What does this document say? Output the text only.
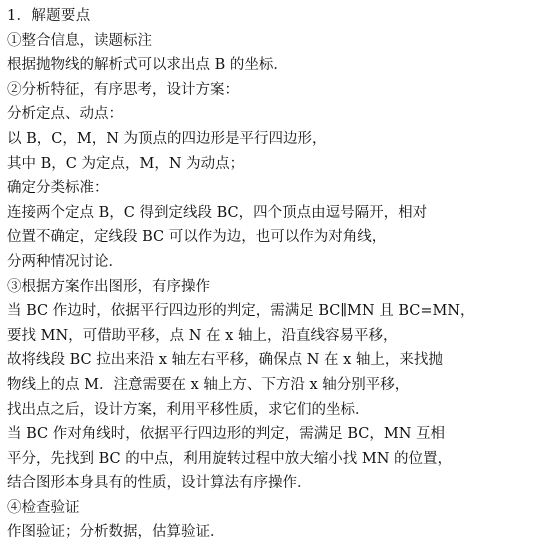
1．解题要点
①整合信息，读题标注
根据抛物线的解析式可以求出点 B 的坐标．
②分析特征，有序思考，设计方案：
分析定点、动点：
以 B，C，M，N 为顶点的四边形是平行四边形，
其中 B，C 为定点，M，N 为动点；
确定分类标准：
连接两个定点 B，C 得到定线段 BC，四个顶点由逗号隔开，相对
位置不确定，定线段 BC 可以作为边，也可以作为对角线，
分两种情况讨论．
③根据方案作出图形，有序操作
当 BC 作边时，依据平行四边形的判定，需满足 BC∥MN 且 BC=MN，
要找 MN，可借助平移，点 N 在 x 轴上，沿直线容易平移，
故将线段 BC 拉出来沿 x 轴左右平移，确保点 N 在 x 轴上，来找抛
物线上的点 M．注意需要在 x 轴上方、下方沿 x 轴分别平移，
找出点之后，设计方案，利用平移性质，求它们的坐标．
当 BC 作对角线时，依据平行四边形的判定，需满足 BC，MN 互相
平分，先找到 BC 的中点，利用旋转过程中放大缩小找 MN 的位置，
结合图形本身具有的性质，设计算法有序操作．
④检查验证
作图验证；分析数据，估算验证．
